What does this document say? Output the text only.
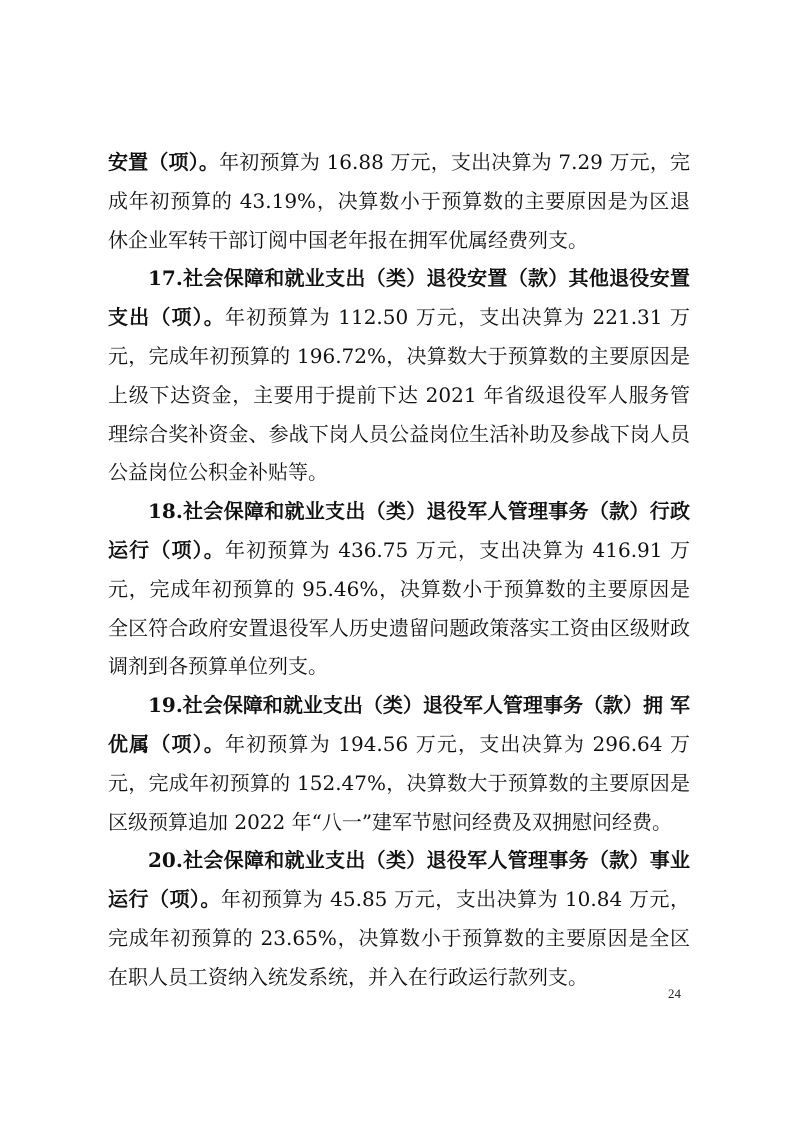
安置（项）。年初预算为 16.88 万元，支出决算为 7.29 万元，完成年初预算的 43.19%，决算数小于预算数的主要原因是为区退休企业军转干部订阅中国老年报在拥军优属经费列支。

17.社会保障和就业支出（类）退役安置（款）其他退役安置支出（项）。年初预算为 112.50 万元，支出决算为 221.31 万元，完成年初预算的 196.72%，决算数大于预算数的主要原因是上级下达资金，主要用于提前下达 2021 年省级退役军人服务管理综合奖补资金、参战下岗人员公益岗位生活补助及参战下岗人员公益岗位公积金补贴等。

18.社会保障和就业支出（类）退役军人管理事务（款）行政运行（项）。年初预算为 436.75 万元，支出决算为 416.91 万元，完成年初预算的 95.46%，决算数小于预算数的主要原因是全区符合政府安置退役军人历史遗留问题政策落实工资由区级财政调剂到各预算单位列支。

19.社会保障和就业支出（类）退役军人管理事务（款）拥 军优属（项）。年初预算为 194.56 万元，支出决算为 296.64 万 元，完成年初预算的 152.47%，决算数大于预算数的主要原因是区级预算追加 2022 年“八一”建军节慰问经费及双拥慰问经费。

20.社会保障和就业支出（类）退役军人管理事务（款）事业运行（项）。年初预算为 45.85 万元，支出决算为 10.84 万元，完成年初预算的 23.65%，决算数小于预算数的主要原因是全区在职人员工资纳入统发系统，并入在行政运行款列支。

24
